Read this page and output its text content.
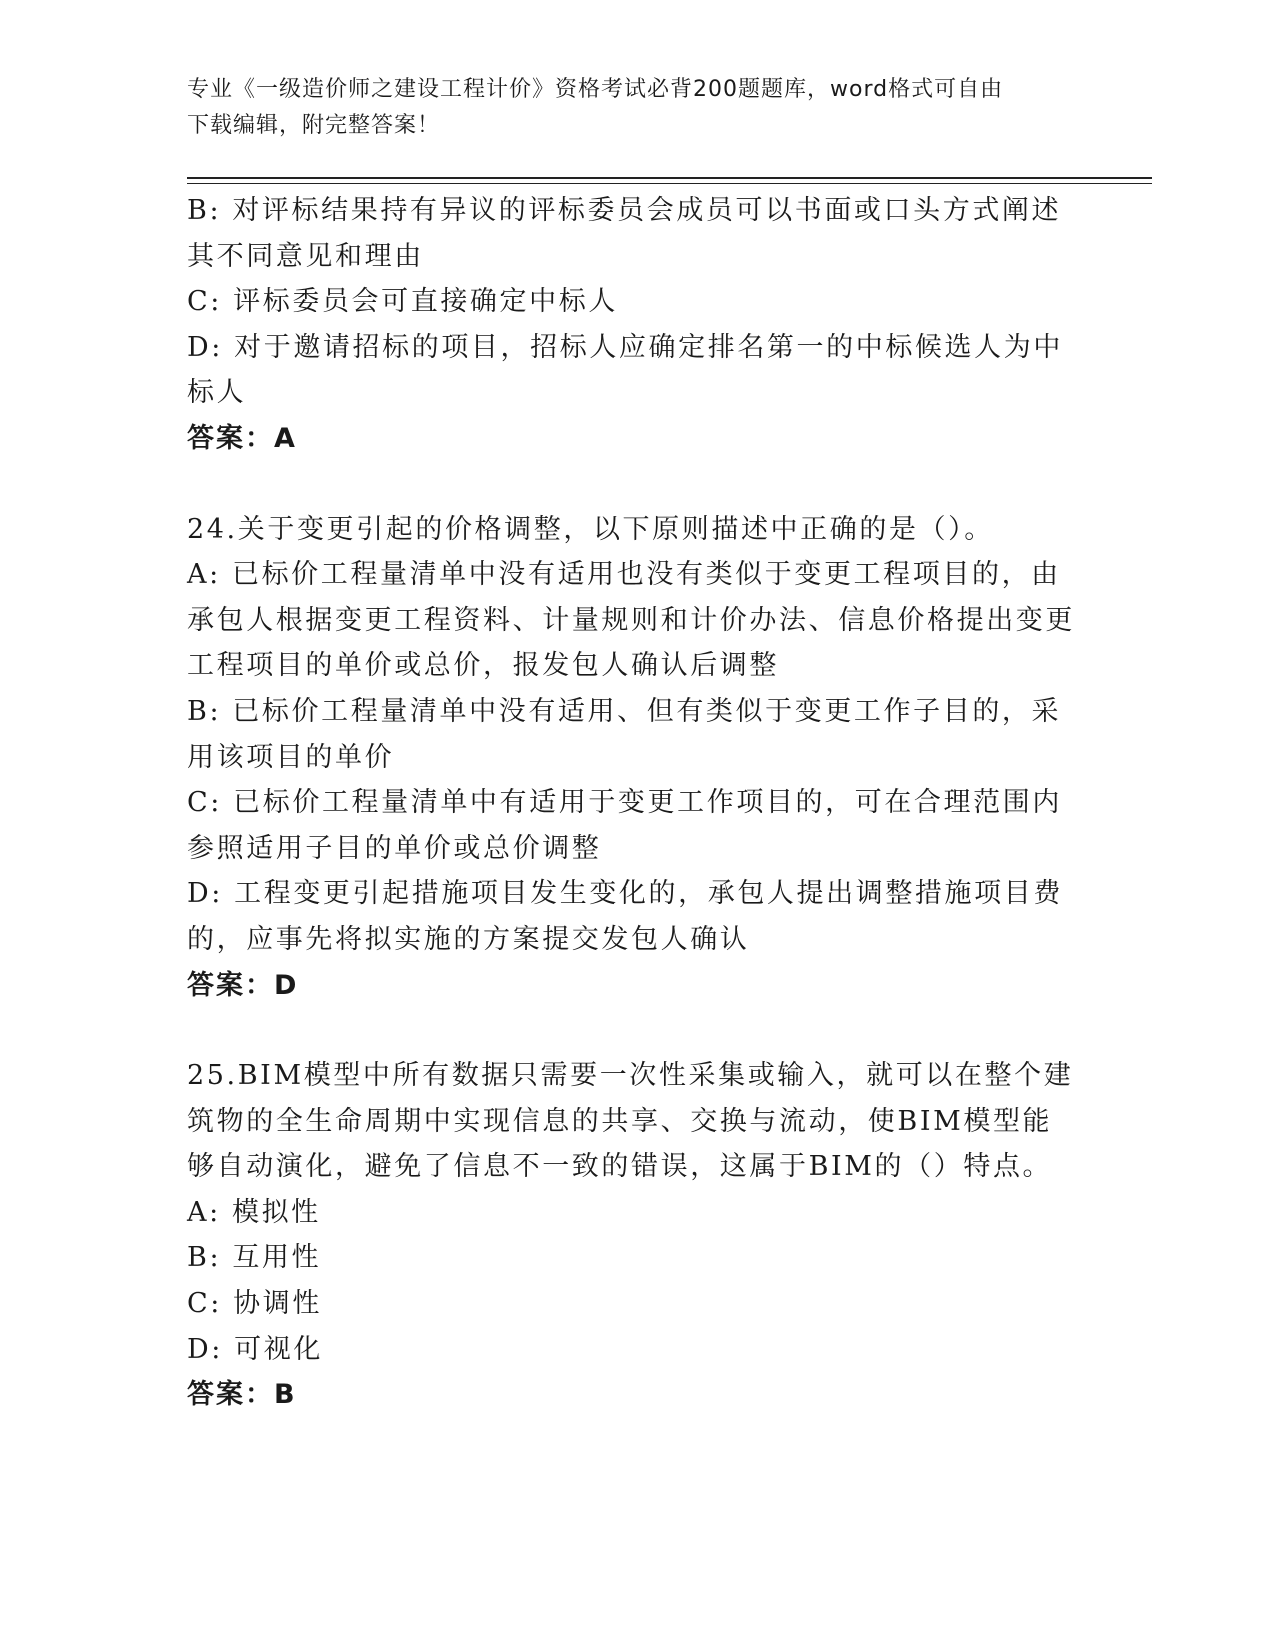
专业《一级造价师之建设工程计价》资格考试必背200题题库，word格式可自由
下载编辑，附完整答案！

B: 对评标结果持有异议的评标委员会成员可以书面或口头方式阐述其不同意见和理由

C: 评标委员会可直接确定中标人

D: 对于邀请招标的项目，招标人应确定排名第一的中标候选人为中标人

答案：A

24.关于变更引起的价格调整，以下原则描述中正确的是（）。

A: 已标价工程量清单中没有适用也没有类似于变更工程项目的，由承包人根据变更工程资料、计量规则和计价办法、信息价格提出变更工程项目的单价或总价，报发包人确认后调整

B: 已标价工程量清单中没有适用、但有类似于变更工作子目的，采用该项目的单价

C: 已标价工程量清单中有适用于变更工作项目的，可在合理范围内参照适用子目的单价或总价调整

D: 工程变更引起措施项目发生变化的，承包人提出调整措施项目费的，应事先将拟实施的方案提交发包人确认

答案：D

25.BIM模型中所有数据只需要一次性采集或输入，就可以在整个建筑物的全生命周期中实现信息的共享、交换与流动，使BIM模型能够自动演化，避免了信息不一致的错误，这属于BIM的（）特点。

A: 模拟性

B: 互用性

C: 协调性

D: 可视化

答案：B
